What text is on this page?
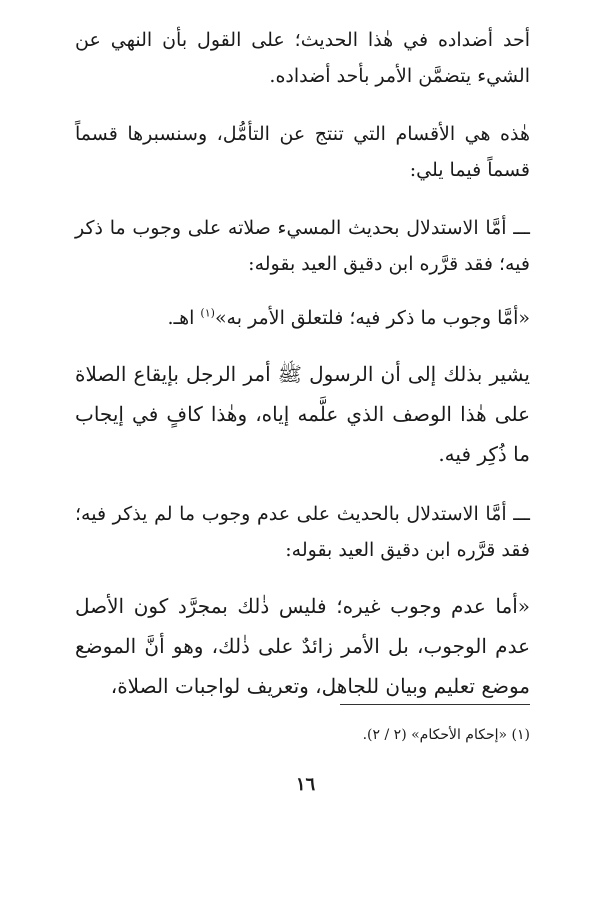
أحد أضداده في هٰذا الحديث؛ على القول بأن النهي عن الشيء يتضمَّن الأمر بأحد أضداده.

هٰذه هي الأقسام التي تنتج عن التأمُّل، وسنسبرها قسماً قسماً فيما يلي:

ـــ أمَّا الاستدلال بحديث المسيء صلاته على وجوب ما ذكر فيه؛ فقد قرَّره ابن دقيق العيد بقوله:

«أمَّا وجوب ما ذكر فيه؛ فلتعلق الأمر به»$^{(١)}$ اهـ.

يشير بذلك إلى أن الرسول ﷺ أمر الرجل بإيقاع الصلاة على هٰذا الوصف الذي علَّمه إياه، وهٰذا كافٍ في إيجاب ما ذُكِر فيه.

ـــ أمَّا الاستدلال بالحديث على عدم وجوب ما لم يذكر فيه؛ فقد قرَّره ابن دقيق العيد بقوله:

«أما عدم وجوب غيره؛ فليس ذٰلك بمجرَّد كون الأصل عدم الوجوب، بل الأمر زائدٌ على ذٰلك، وهو أنَّ الموضع موضع تعليم وبيان للجاهل، وتعريف لواجبات الصلاة،

(١) «إحكام الأحكام» (٢ / ٢).
١٦
